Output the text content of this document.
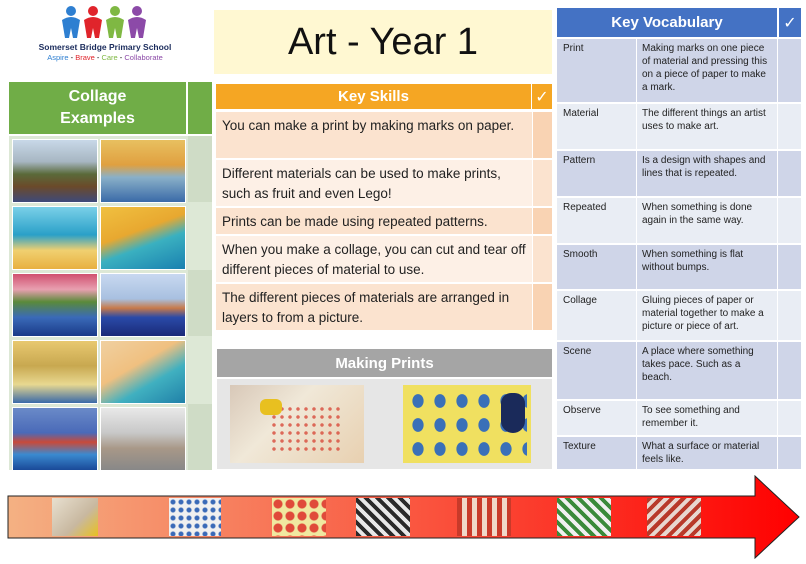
Somerset Bridge Primary School
Aspire - Brave - Care - Collaborate	Art - Year 1
Collage
Examples
Key Skills	✓
You can make a print by making marks on paper.
Different materials can be used to make prints, such as fruit and even Lego!
Prints can be made using repeated patterns.
When you make a collage, you can cut and tear off different pieces of material to use.
The different pieces of materials are arranged in layers to from a picture.
Making Prints
Key Vocabulary	✓
Print	Making marks on one piece of material and pressing this on a piece of paper to make a mark.
Material	The different things an artist uses to make art.
Pattern	Is a design with shapes and lines that is repeated.
Repeated	When something is done again in the same way.
Smooth	When something is flat without bumps.
Collage	Gluing pieces of paper or material together to make a picture or piece of art.
Scene	A place where something takes pace. Such as a beach.
Observe	To see something and remember it.
Texture	What a surface or material feels like.
